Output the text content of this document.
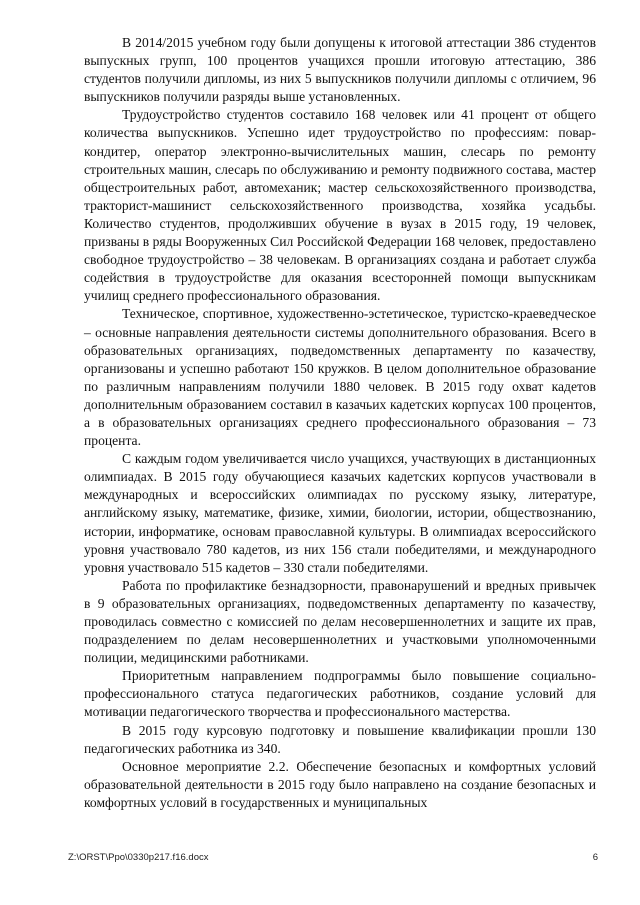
В 2014/2015 учебном году были допущены к итоговой аттестации 386 студентов выпускных групп, 100 процентов учащихся прошли итоговую аттестацию, 386 студентов получили дипломы, из них 5 выпускников получили дипломы с отличием, 96 выпускников получили разряды выше установленных.

Трудоустройство студентов составило 168 человек или 41 процент от общего количества выпускников. Успешно идет трудоустройство по профессиям: повар-кондитер, оператор электронно-вычислительных машин, слесарь по ремонту строительных машин, слесарь по обслуживанию и ремонту подвижного состава, мастер общестроительных работ, автомеханик; мастер сельскохозяйственного производства, тракторист-машинист сельскохозяйственного производства, хозяйка усадьбы. Количество студентов, продолживших обучение в вузах в 2015 году, 19 человек, призваны в ряды Вооруженных Сил Российской Федерации 168 человек, предоставлено свободное трудоустройство – 38 человекам. В организациях создана и работает служба содействия в трудоустройстве для оказания всесторонней помощи выпускникам училищ среднего профессионального образования.

Техническое, спортивное, художественно-эстетическое, туристско-краеведческое – основные направления деятельности системы дополнительного образования. Всего в образовательных организациях, подведомственных департаменту по казачеству, организованы и успешно работают 150 кружков. В целом дополнительное образование по различным направлениям получили 1880 человек. В 2015 году охват кадетов дополнительным образованием составил в казачьих кадетских корпусах 100 процентов, а в образовательных организациях среднего профессионального образования – 73 процента.

С каждым годом увеличивается число учащихся, участвующих в дистанционных олимпиадах. В 2015 году обучающиеся казачьих кадетских корпусов участвовали в международных и всероссийских олимпиадах по русскому языку, литературе, английскому языку, математике, физике, химии, биологии, истории, обществознанию, истории, информатике, основам православной культуры. В олимпиадах всероссийского уровня участвовало 780 кадетов, из них 156 стали победителями, и международного уровня участвовало 515 кадетов – 330 стали победителями.

Работа по профилактике безнадзорности, правонарушений и вредных привычек в 9 образовательных организациях, подведомственных департаменту по казачеству, проводилась совместно с комиссией по делам несовершеннолетних и защите их прав, подразделением по делам несовершеннолетних и участковыми уполномоченными полиции, медицинскими работниками.

Приоритетным направлением подпрограммы было повышение социально-профессионального статуса педагогических работников, создание условий для мотивации педагогического творчества и профессионального мастерства.

В 2015 году курсовую подготовку и повышение квалификации прошли 130 педагогических работника из 340.

Основное мероприятие 2.2. Обеспечение безопасных и комфортных условий образовательной деятельности в 2015 году было направлено на создание безопасных и комфортных условий в государственных и муниципальных

Z:\ORST\Ppo\0330p217.f16.docx	6
